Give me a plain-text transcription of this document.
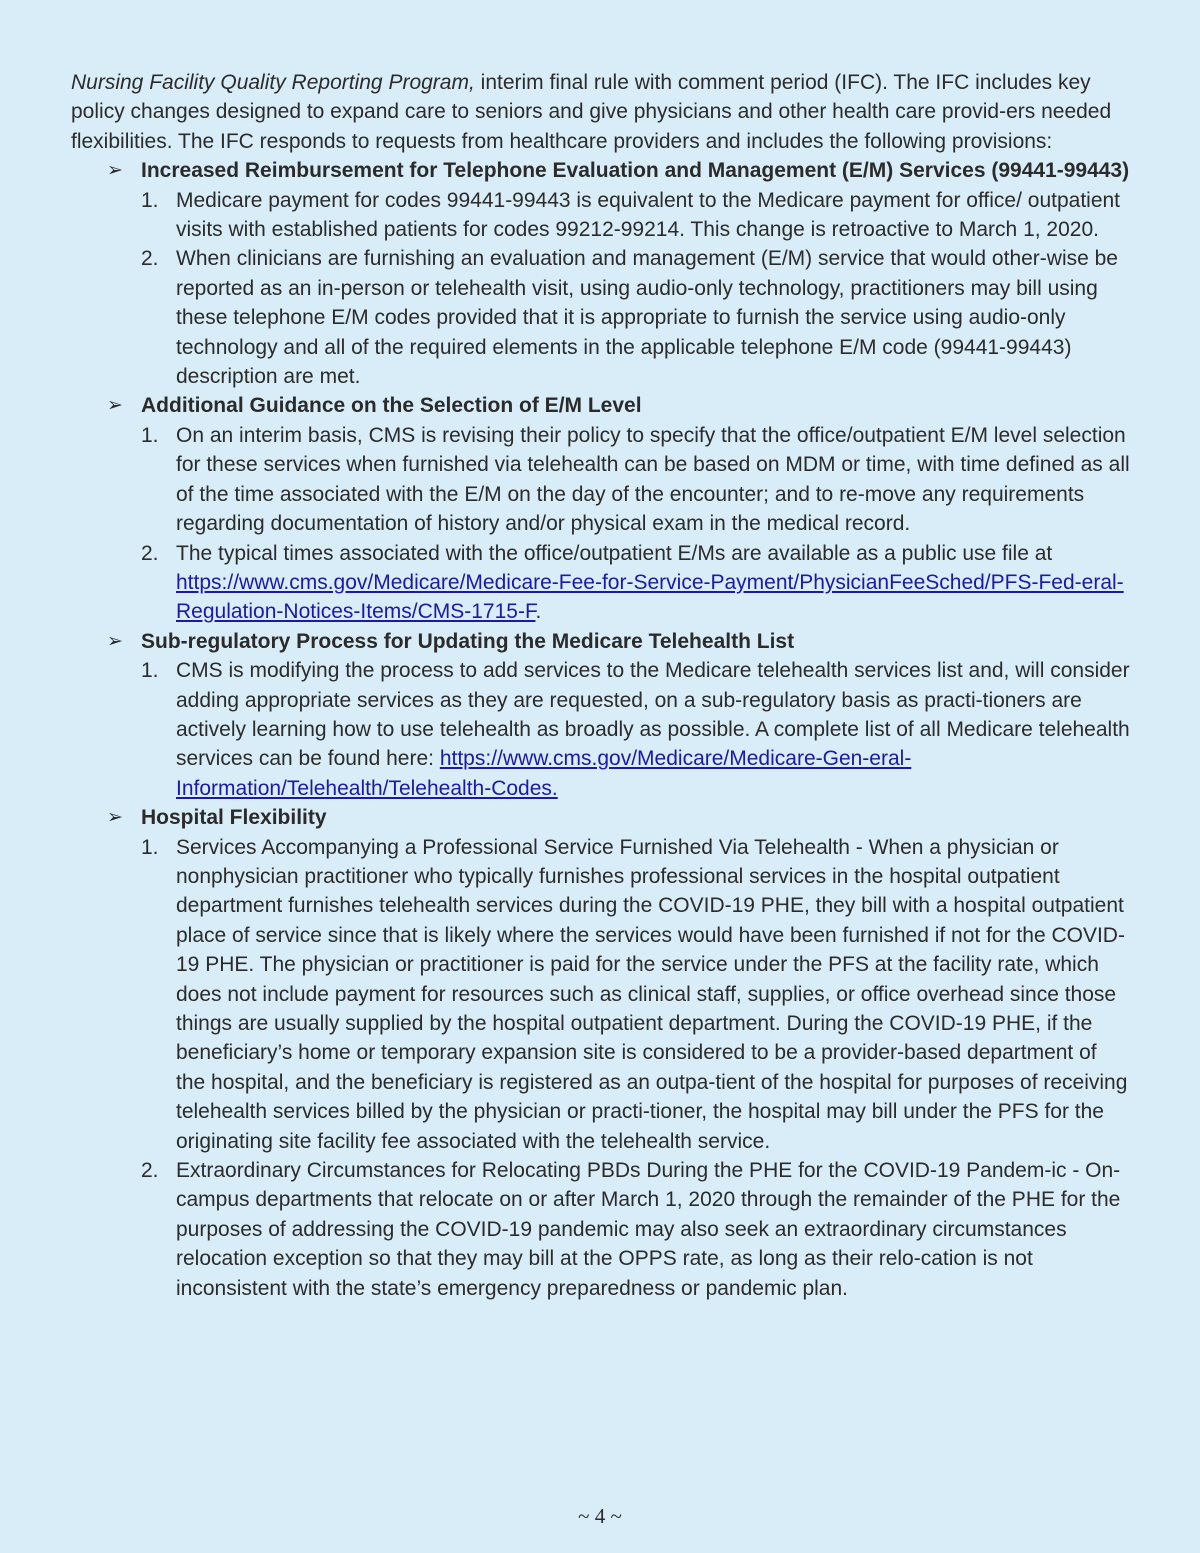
Nursing Facility Quality Reporting Program, interim final rule with comment period (IFC). The IFC includes key policy changes designed to expand care to seniors and give physicians and other health care provid-ers needed flexibilities. The IFC responds to requests from healthcare providers and includes the following provisions:

➢ Increased Reimbursement for Telephone Evaluation and Management (E/M) Services (99441-99443)
1. Medicare payment for codes 99441-99443 is equivalent to the Medicare payment for office/ outpatient visits with established patients for codes 99212-99214. This change is retroactive to March 1, 2020.
2. When clinicians are furnishing an evaluation and management (E/M) service that would other-wise be reported as an in-person or telehealth visit, using audio-only technology, practitioners may bill using these telephone E/M codes provided that it is appropriate to furnish the service using audio-only technology and all of the required elements in the applicable telephone E/M code (99441-99443) description are met.
➢ Additional Guidance on the Selection of E/M Level
1. On an interim basis, CMS is revising their policy to specify that the office/outpatient E/M level selection for these services when furnished via telehealth can be based on MDM or time, with time defined as all of the time associated with the E/M on the day of the encounter; and to re-move any requirements regarding documentation of history and/or physical exam in the medical record.
2. The typical times associated with the office/outpatient E/Ms are available as a public use file at https://www.cms.gov/Medicare/Medicare-Fee-for-Service-Payment/PhysicianFeeSched/PFS-Fed-eral-Regulation-Notices-Items/CMS-1715-F.
➢ Sub-regulatory Process for Updating the Medicare Telehealth List
1. CMS is modifying the process to add services to the Medicare telehealth services list and, will consider adding appropriate services as they are requested, on a sub-regulatory basis as practi-tioners are actively learning how to use telehealth as broadly as possible. A complete list of all Medicare telehealth services can be found here: https://www.cms.gov/Medicare/Medicare-Gen-eral-Information/Telehealth/Telehealth-Codes.
➢ Hospital Flexibility
1. Services Accompanying a Professional Service Furnished Via Telehealth - When a physician or nonphysician practitioner who typically furnishes professional services in the hospital outpatient department furnishes telehealth services during the COVID-19 PHE, they bill with a hospital outpatient place of service since that is likely where the services would have been furnished if not for the COVID-19 PHE. The physician or practitioner is paid for the service under the PFS at the facility rate, which does not include payment for resources such as clinical staff, supplies, or office overhead since those things are usually supplied by the hospital outpatient department. During the COVID-19 PHE, if the beneficiary’s home or temporary expansion site is considered to be a provider-based department of the hospital, and the beneficiary is registered as an outpa-tient of the hospital for purposes of receiving telehealth services billed by the physician or practi-tioner, the hospital may bill under the PFS for the originating site facility fee associated with the telehealth service.
2. Extraordinary Circumstances for Relocating PBDs During the PHE for the COVID-19 Pandem-ic - On-campus departments that relocate on or after March 1, 2020 through the remainder of the PHE for the purposes of addressing the COVID-19 pandemic may also seek an extraordinary circumstances relocation exception so that they may bill at the OPPS rate, as long as their relo-cation is not inconsistent with the state’s emergency preparedness or pandemic plan.
~ 4 ~
